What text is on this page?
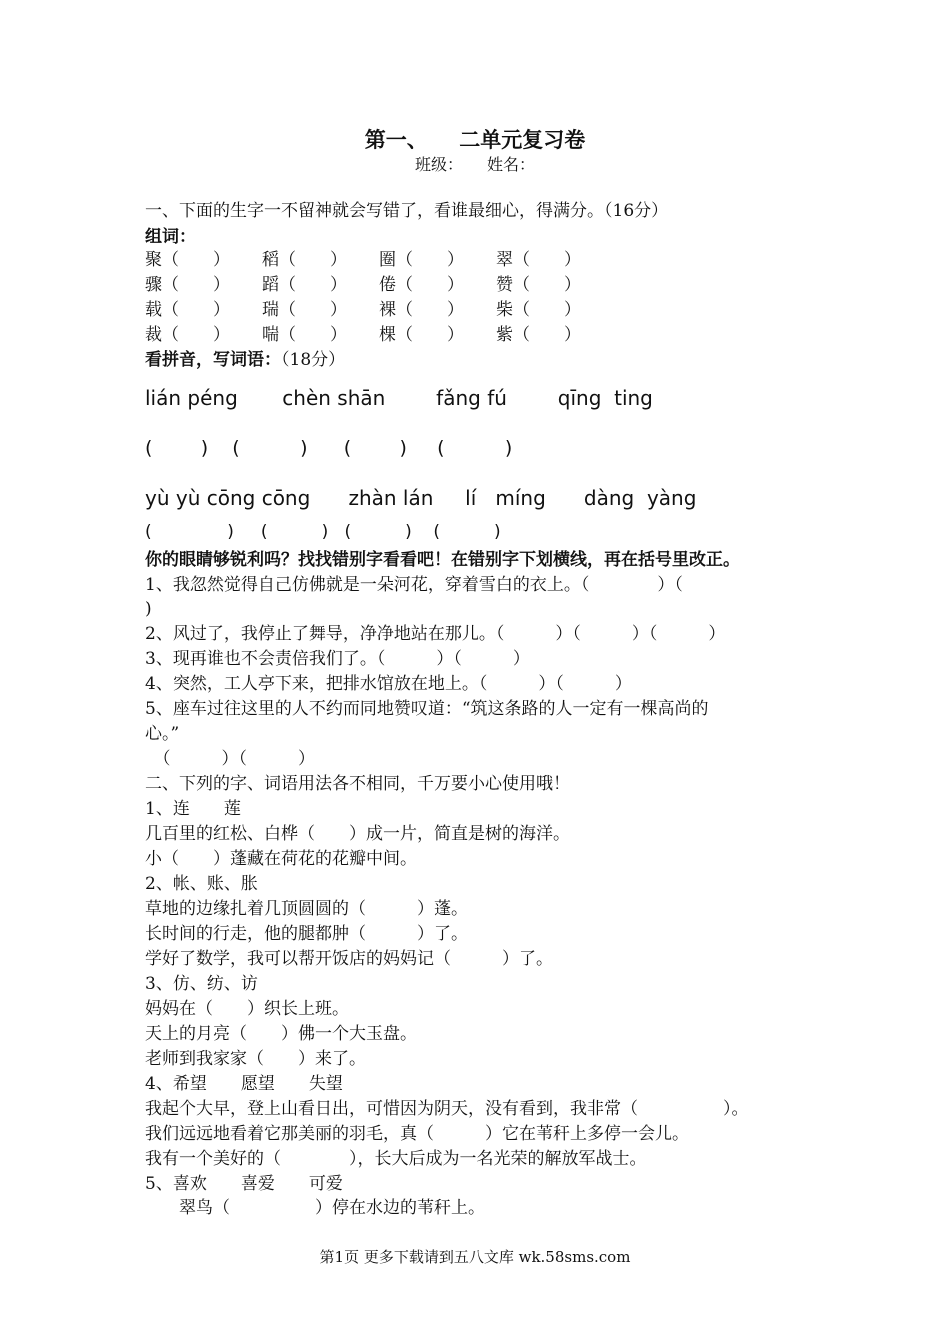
第一、　　二单元复习卷
班级：　　姓名：
一、下面的生字一不留神就会写错了，看谁最细心，得满分。（16分）
组词：
聚（　　）	稻（　　）	圈（　　）	翠（　　）
骤（　　）	蹈（　　）	倦（　　）	赞（　　）
载（　　）	瑞（　　）	裸（　　）	柴（　　）
裁（　　）	喘（　　）	棵（　　）	紫（　　）
看拼音，写词语：（18分）
lián péng       chèn shān        fǎng fú        qīng  ting
(        )    (          )      (        )     (          )
yù yù cōng cōng      zhàn lán     lí   míng      dàng  yàng
(              )     (          )   (          )    (          )
你的眼睛够锐利吗？找找错别字看看吧！在错别字下划横线，再在括号里改正。
1、我忽然觉得自己仿佛就是一朵河花，穿着雪白的衣上。（　　　　）（
)
2、风过了，我停止了舞导，净净地站在那儿。（　　　）（　　　）（　　　）
3、现再谁也不会责倍我们了。（　　　）（　　　）
4、突然，工人亭下来，把排水馆放在地上。（　　　）（　　　）
5、座车过往这里的人不约而同地赞叹道：“筑这条路的人一定有一棵高尚的
心。”
　（　　　）（　　　）
二、下列的字、词语用法各不相同，千万要小心使用哦！
1、连　　莲
几百里的红松、白桦（　　）成一片，简直是树的海洋。
小（　　）蓬藏在荷花的花瓣中间。
2、帐、账、胀
草地的边缘扎着几顶圆圆的（　　　）蓬。
长时间的行走，他的腿都肿（　　　）了。
学好了数学，我可以帮开饭店的妈妈记（　　　）了。
3、仿、纺、访
妈妈在（　　）织长上班。
天上的月亮（　　）佛一个大玉盘。
老师到我家家（　　）来了。
4、希望　　愿望　　失望
我起个大早，登上山看日出，可惜因为阴天，没有看到，我非常（　　　　　）。
我们远远地看着它那美丽的羽毛，真（　　　）它在苇秆上多停一会儿。
我有一个美好的（　　　　），长大后成为一名光荣的解放军战士。
5、喜欢　　喜爱　　可爱
　　翠鸟（　　　　　）停在水边的苇秆上。
第1页 更多下载请到五八文库 wk.58sms.com
